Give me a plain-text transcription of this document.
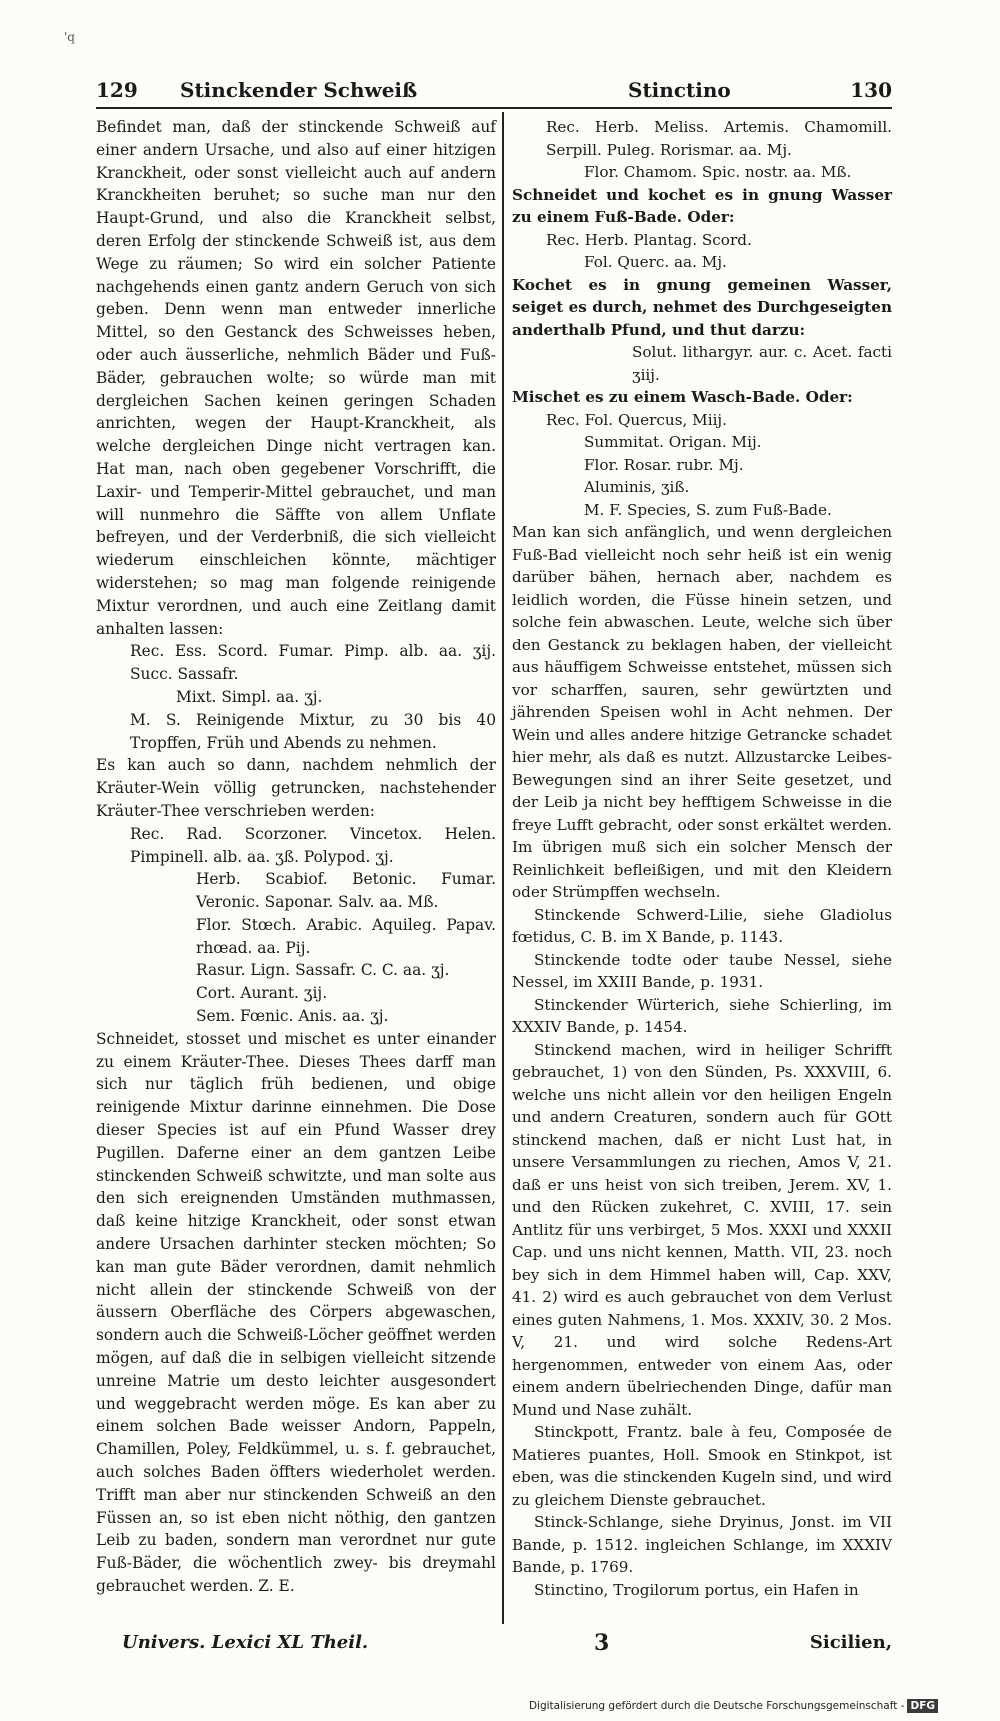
'q
129 Stinckender Schweiß	Stinctino	130

Befindet man, daß der stinckende Schweiß auf einer andern Ursache, und also auf einer hitzigen Kranckheit, oder sonst vielleicht auch auf andern Kranckheiten beruhet; so suche man nur den Haupt-Grund, und also die Kranckheit selbst, deren Erfolg der stinckende Schweiß ist, aus dem Wege zu räumen; So wird ein solcher Patiente nachgehends einen gantz andern Geruch von sich geben. Denn wenn man entweder innerliche Mittel, so den Gestanck des Schweisses heben, oder auch äusserliche, nehmlich Bäder und Fuß-Bäder, gebrauchen wolte; so würde man mit dergleichen Sachen keinen geringen Schaden anrichten, wegen der Haupt-Kranckheit, als welche dergleichen Dinge nicht vertragen kan. Hat man, nach oben gegebener Vorschrifft, die Laxir- und Temperir-Mittel gebrauchet, und man will nunmehro die Säffte von allem Unflate befreyen, und der Verderbniß, die sich vielleicht wiederum einschleichen könnte, mächtiger widerstehen; so mag man folgende reinigende Mixtur verordnen, und auch eine Zeitlang damit anhalten lassen:

Rec. Ess. Scord. Fumar. Pimp. alb. aa. ʒij. Succ. Sassafr.

Mixt. Simpl. aa. ʒj.

M. S. Reinigende Mixtur, zu 30 bis 40 Tropffen, Früh und Abends zu nehmen.

Es kan auch so dann, nachdem nehmlich der Kräuter-Wein völlig getruncken, nachstehender Kräuter-Thee verschrieben werden:

Rec. Rad. Scorzoner. Vincetox. Helen. Pimpinell. alb. aa. ʒß. Polypod. ʒj.

Herb. Scabiof. Betonic. Fumar. Veronic. Saponar. Salv. aa. Mß.

Flor. Stœch. Arabic. Aquileg. Papav. rhœad. aa. Pij.

Rasur. Lign. Sassafr. C. C. aa. ʒj.

Cort. Aurant. ʒij.

Sem. Fœnic. Anis. aa. ʒj.

Schneidet, stosset und mischet es unter einander zu einem Kräuter-Thee. Dieses Thees darff man sich nur täglich früh bedienen, und obige reinigende Mixtur darinne einnehmen. Die Dose dieser Species ist auf ein Pfund Wasser drey Pugillen. Daferne einer an dem gantzen Leibe stinckenden Schweiß schwitzte, und man solte aus den sich ereignenden Umständen muthmassen, daß keine hitzige Kranckheit, oder sonst etwan andere Ursachen darhinter stecken möchten; So kan man gute Bäder verordnen, damit nehmlich nicht allein der stinckende Schweiß von der äussern Oberfläche des Cörpers abgewaschen, sondern auch die Schweiß-Löcher geöffnet werden mögen, auf daß die in selbigen vielleicht sitzende unreine Matrie um desto leichter ausgesondert und weggebracht werden möge. Es kan aber zu einem solchen Bade weisser Andorn, Pappeln, Chamillen, Poley, Feldkümmel, u. s. f. gebrauchet, auch solches Baden öffters wiederholet werden. Trifft man aber nur stinckenden Schweiß an den Füssen an, so ist eben nicht nöthig, den gantzen Leib zu baden, sondern man verordnet nur gute Fuß-Bäder, die wöchentlich zwey- bis dreymahl gebrauchet werden. Z. E.

Rec. Herb. Meliss. Artemis. Chamomill. Serpill. Puleg. Rorismar. aa. Mj.

Flor. Chamom. Spic. nostr. aa. Mß.

Schneidet und kochet es in gnung Wasser zu einem Fuß-Bade. Oder:

Rec. Herb. Plantag. Scord.

Fol. Querc. aa. Mj.

Kochet es in gnung gemeinen Wasser, seiget es durch, nehmet des Durchgeseigten anderthalb Pfund, und thut darzu:

Solut. lithargyr. aur. c. Acet. facti ʒiij.

Mischet es zu einem Wasch-Bade. Oder:

Rec. Fol. Quercus, Miij.

Summitat. Origan. Mij.

Flor. Rosar. rubr. Mj.

Aluminis, ʒiß.

M. F. Species, S. zum Fuß-Bade.

Man kan sich anfänglich, und wenn dergleichen Fuß-Bad vielleicht noch sehr heiß ist ein wenig darüber bähen, hernach aber, nachdem es leidlich worden, die Füsse hinein setzen, und solche fein abwaschen. Leute, welche sich über den Gestanck zu beklagen haben, der vielleicht aus häuffigem Schweisse entstehet, müssen sich vor scharffen, sauren, sehr gewürtzten und jährenden Speisen wohl in Acht nehmen. Der Wein und alles andere hitzige Getrancke schadet hier mehr, als daß es nutzt. Allzustarcke Leibes-Bewegungen sind an ihrer Seite gesetzet, und der Leib ja nicht bey hefftigem Schweisse in die freye Lufft gebracht, oder sonst erkältet werden. Im übrigen muß sich ein solcher Mensch der Reinlichkeit befleißigen, und mit den Kleidern oder Strümpffen wechseln.

Stinckende Schwerd-Lilie, siehe Gladiolus fœtidus, C. B. im X Bande, p. 1143.

Stinckende todte oder taube Nessel, siehe Nessel, im XXIII Bande, p. 1931.

Stinckender Würterich, siehe Schierling, im XXXIV Bande, p. 1454.

Stinckend machen, wird in heiliger Schrifft gebrauchet, 1) von den Sünden, Ps. XXXVIII, 6. welche uns nicht allein vor den heiligen Engeln und andern Creaturen, sondern auch für GOtt stinckend machen, daß er nicht Lust hat, in unsere Versammlungen zu riechen, Amos V, 21. daß er uns heist von sich treiben, Jerem. XV, 1. und den Rücken zukehret, C. XVIII, 17. sein Antlitz für uns verbirget, 5 Mos. XXXI und XXXII Cap. und uns nicht kennen, Matth. VII, 23. noch bey sich in dem Himmel haben will, Cap. XXV, 41. 2) wird es auch gebrauchet von dem Verlust eines guten Nahmens, 1. Mos. XXXIV, 30. 2 Mos. V, 21. und wird solche Redens-Art hergenommen, entweder von einem Aas, oder einem andern übelriechenden Dinge, dafür man Mund und Nase zuhält.

Stinckpott, Frantz. bale à feu, Composée de Matieres puantes, Holl. Smook en Stinkpot, ist eben, was die stinckenden Kugeln sind, und wird zu gleichem Dienste gebrauchet.

Stinck-Schlange, siehe Dryinus, Jonst. im VII Bande, p. 1512. ingleichen Schlange, im XXXIV Bande, p. 1769.

Stinctino, Trogilorum portus, ein Hafen in

Univers. Lexici XL Theil.	3	Sicilien,
Digitalisierung gefördert durch die Deutsche Forschungsgemeinschaft - DFG
